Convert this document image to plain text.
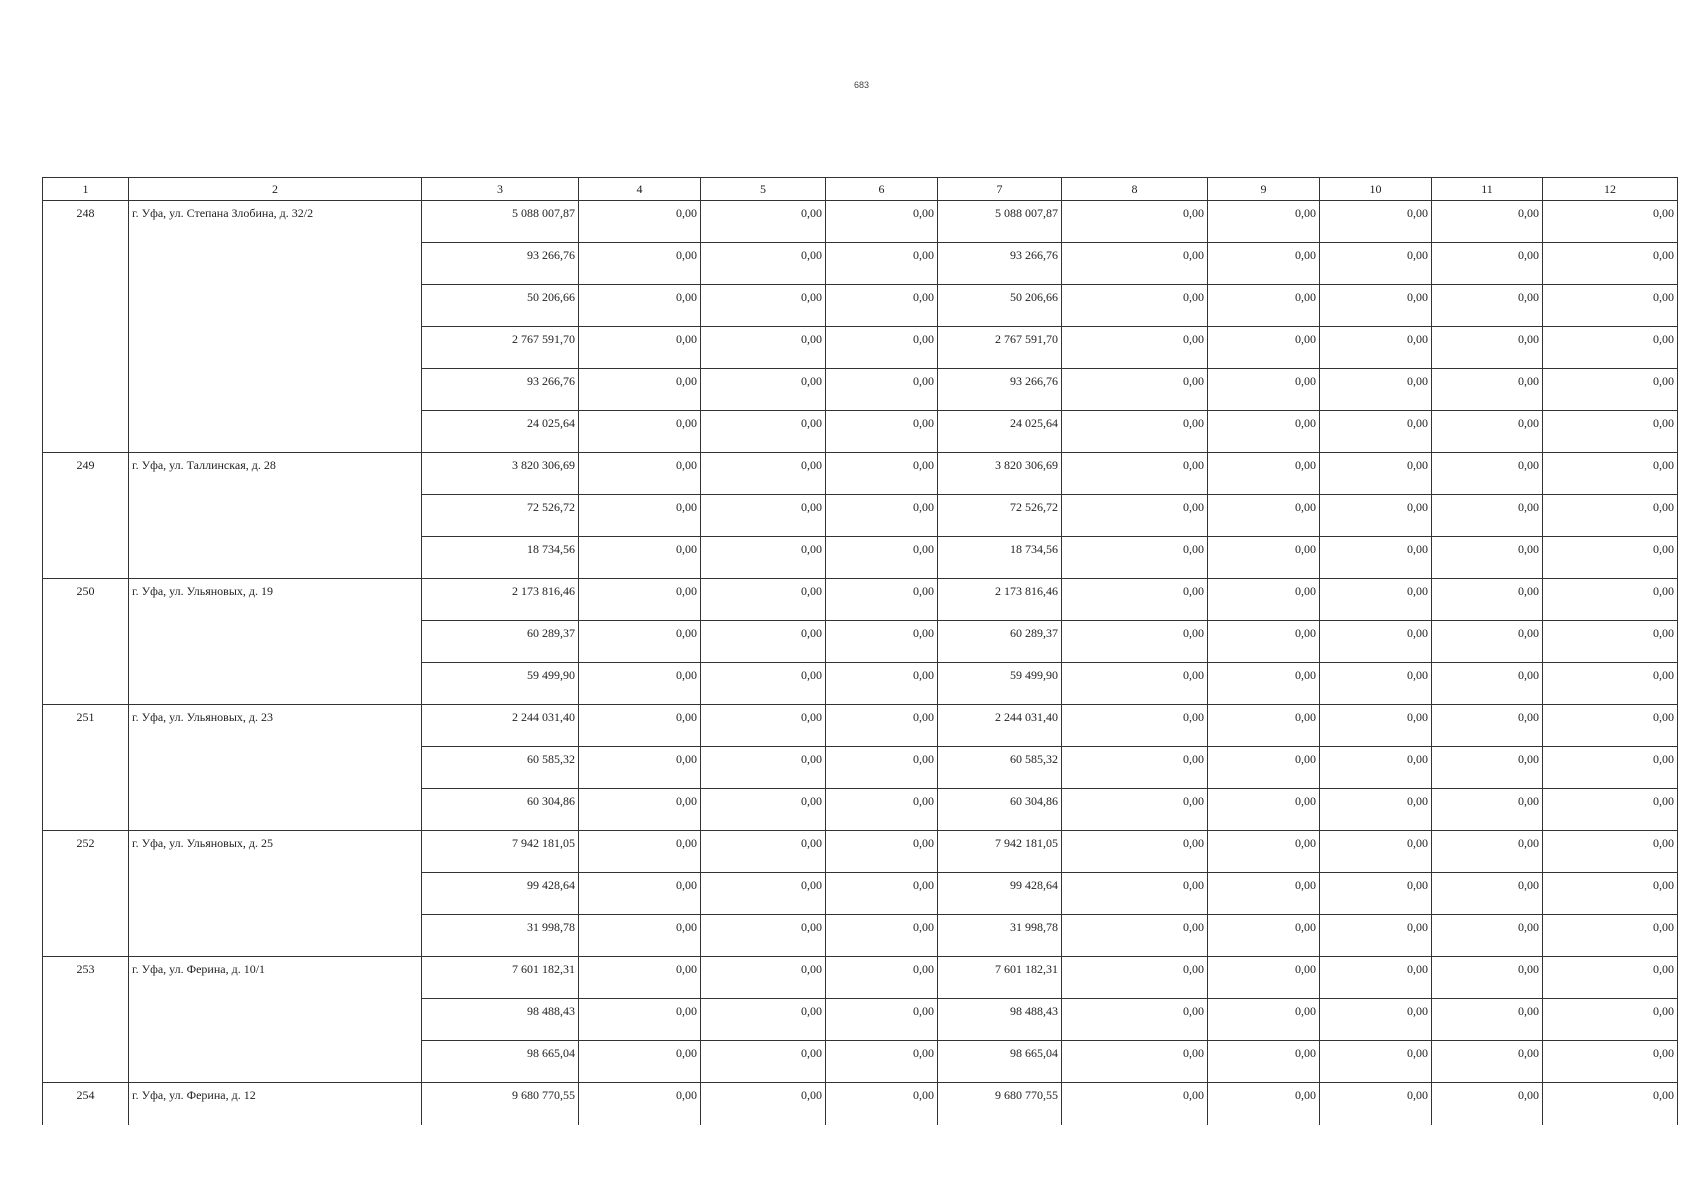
683
1	2	3	4	5	6	7	8	9	10	11	12
248	г. Уфа, ул. Степана Злобина, д. 32/2	5 088 007,87	0,00	0,00	0,00	5 088 007,87	0,00	0,00	0,00	0,00	0,00
		93 266,76	0,00	0,00	0,00	93 266,76	0,00	0,00	0,00	0,00	0,00
		50 206,66	0,00	0,00	0,00	50 206,66	0,00	0,00	0,00	0,00	0,00
		2 767 591,70	0,00	0,00	0,00	2 767 591,70	0,00	0,00	0,00	0,00	0,00
		93 266,76	0,00	0,00	0,00	93 266,76	0,00	0,00	0,00	0,00	0,00
		24 025,64	0,00	0,00	0,00	24 025,64	0,00	0,00	0,00	0,00	0,00
249	г. Уфа, ул. Таллинская, д. 28	3 820 306,69	0,00	0,00	0,00	3 820 306,69	0,00	0,00	0,00	0,00	0,00
		72 526,72	0,00	0,00	0,00	72 526,72	0,00	0,00	0,00	0,00	0,00
		18 734,56	0,00	0,00	0,00	18 734,56	0,00	0,00	0,00	0,00	0,00
250	г. Уфа, ул. Ульяновых, д. 19	2 173 816,46	0,00	0,00	0,00	2 173 816,46	0,00	0,00	0,00	0,00	0,00
		60 289,37	0,00	0,00	0,00	60 289,37	0,00	0,00	0,00	0,00	0,00
		59 499,90	0,00	0,00	0,00	59 499,90	0,00	0,00	0,00	0,00	0,00
251	г. Уфа, ул. Ульяновых, д. 23	2 244 031,40	0,00	0,00	0,00	2 244 031,40	0,00	0,00	0,00	0,00	0,00
		60 585,32	0,00	0,00	0,00	60 585,32	0,00	0,00	0,00	0,00	0,00
		60 304,86	0,00	0,00	0,00	60 304,86	0,00	0,00	0,00	0,00	0,00
252	г. Уфа, ул. Ульяновых, д. 25	7 942 181,05	0,00	0,00	0,00	7 942 181,05	0,00	0,00	0,00	0,00	0,00
		99 428,64	0,00	0,00	0,00	99 428,64	0,00	0,00	0,00	0,00	0,00
		31 998,78	0,00	0,00	0,00	31 998,78	0,00	0,00	0,00	0,00	0,00
253	г. Уфа, ул. Ферина, д. 10/1	7 601 182,31	0,00	0,00	0,00	7 601 182,31	0,00	0,00	0,00	0,00	0,00
		98 488,43	0,00	0,00	0,00	98 488,43	0,00	0,00	0,00	0,00	0,00
		98 665,04	0,00	0,00	0,00	98 665,04	0,00	0,00	0,00	0,00	0,00
254	г. Уфа, ул. Ферина, д. 12	9 680 770,55	0,00	0,00	0,00	9 680 770,55	0,00	0,00	0,00	0,00	0,00
